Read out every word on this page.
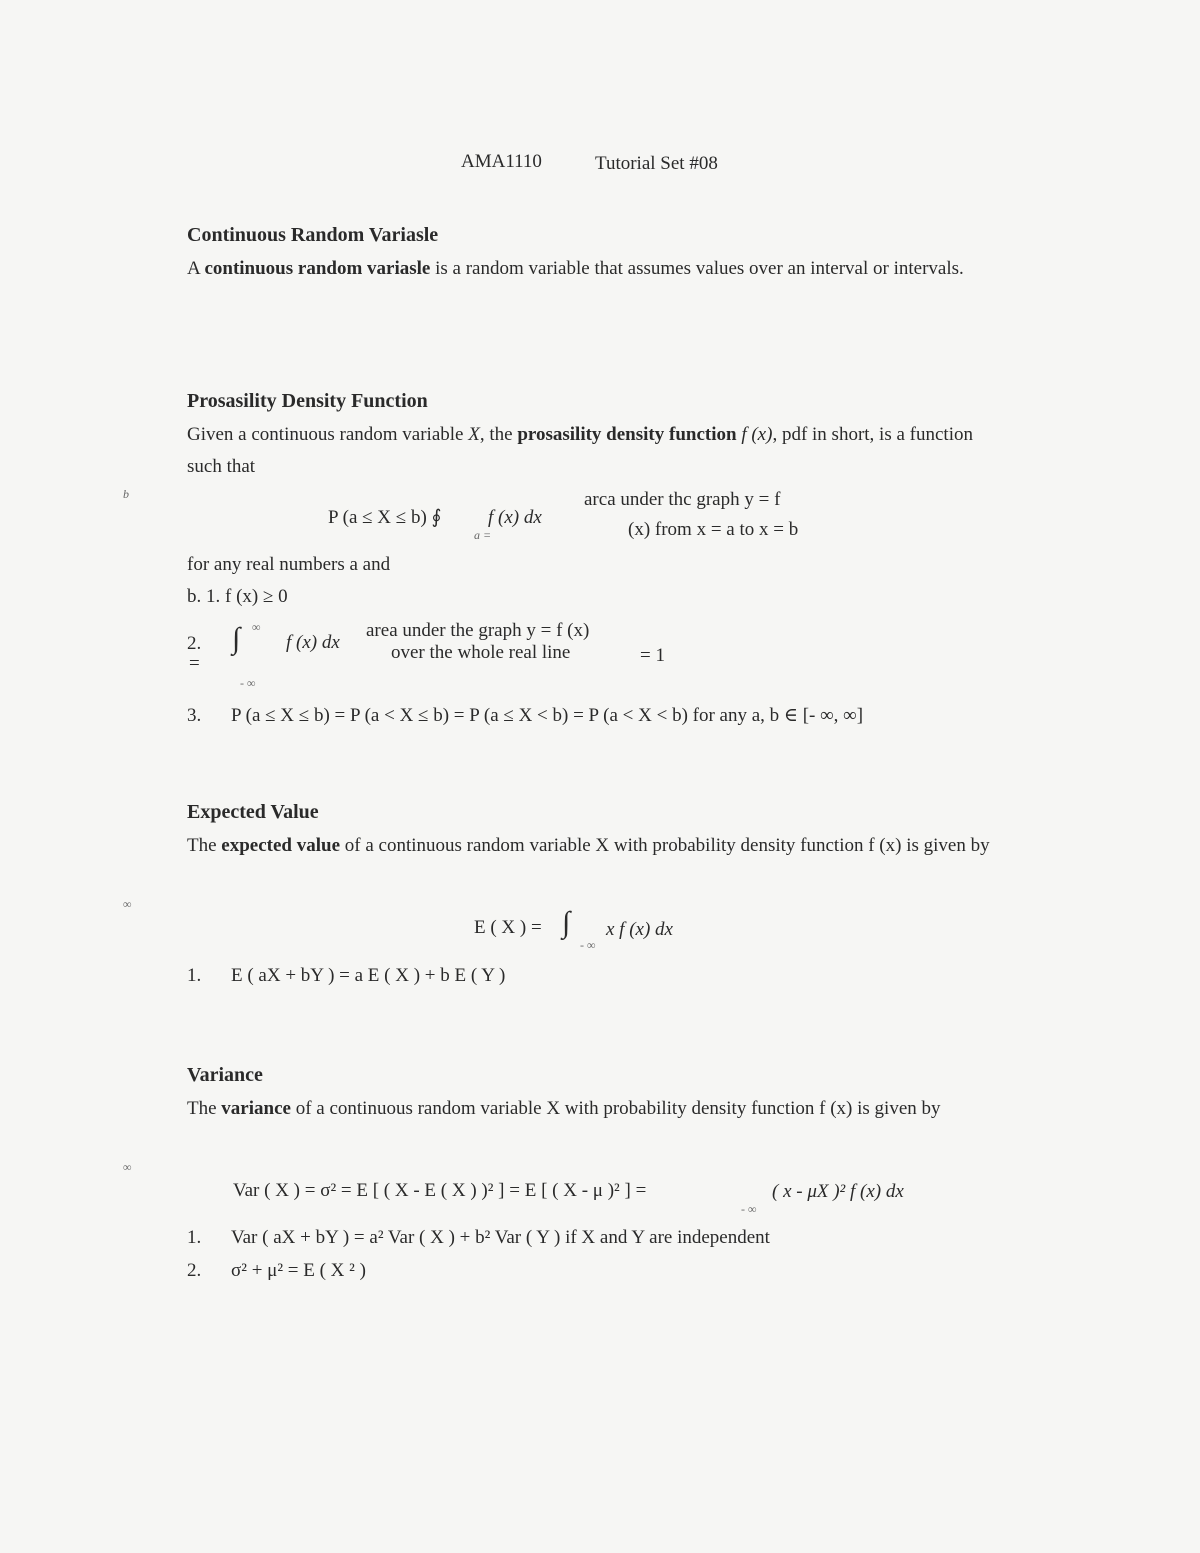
AMA1110	Tutorial Set #08
Continuous Random Variasle
A continuous random variasle is a random variable that assumes values over an interval or intervals.
Prosasility Density Function
Given a continuous random variable X, the prosasility density function f (x), pdf in short, is a function such that
b
P (a ≤ X ≤ b) ∮ f (x) dx
a =
arca under thc graph y = f
(x) from x = a to x = b
for any real numbers a and
b. 1. f (x) ≥ 0
2.
=
∫ ∞
- ∞
f (x) dx
area under the graph y = f (x)
over the whole real line	= 1
3. P (a ≤ X ≤ b) = P (a < X ≤ b) = P (a ≤ X < b) = P (a < X < b) for any a, b ∈ [- ∞, ∞]
Expected Value
The expected value of a continuous random variable X with probability density function f (x) is given by
∞
E ( X ) = ∫
- ∞
x f (x) dx
1. E ( aX + bY ) = a E ( X ) + b E ( Y )
Variance
The variance of a continuous random variable X with probability density function f (x) is given by
∞
Var ( X ) = σ² = E [ ( X - E ( X ) )² ] = E [ ( X - μ )² ] =
- ∞
( x - μX )² f (x) dx
1. Var ( aX + bY ) = a² Var ( X ) + b² Var ( Y ) if X and Y are independent
2. σ² + μ² = E ( X ² )
